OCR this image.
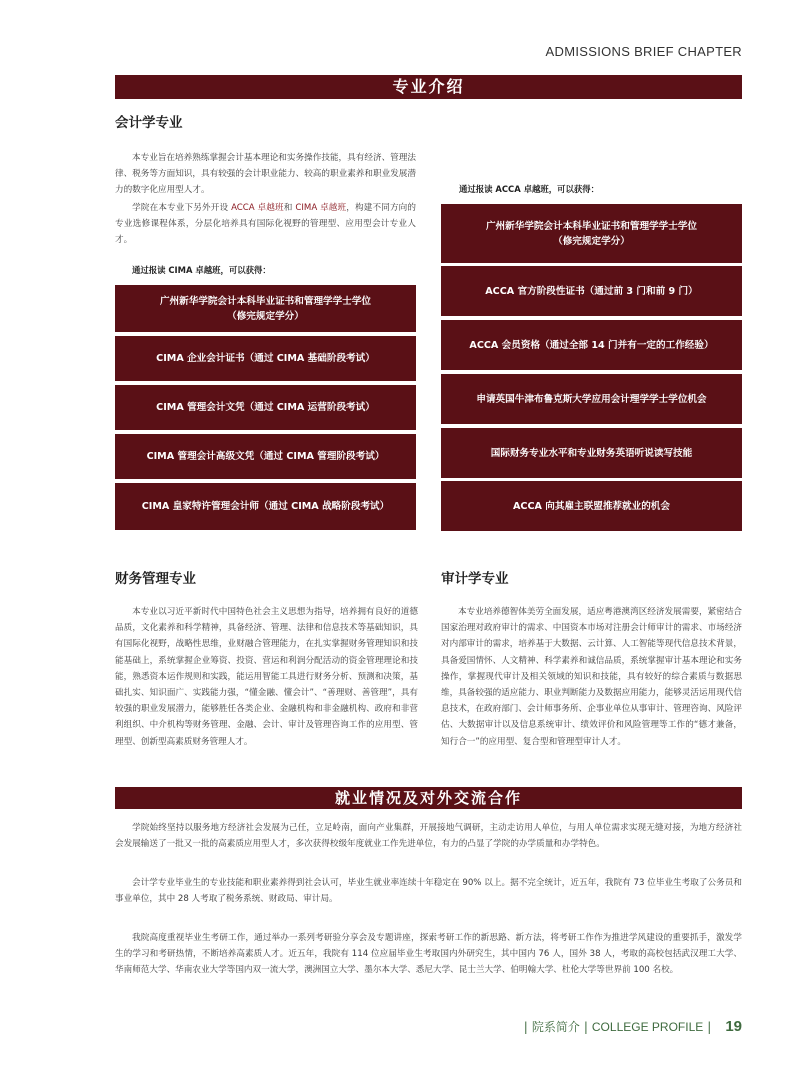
ADMISSIONS BRIEF CHAPTER
专业介绍
会计学专业

本专业旨在培养熟练掌握会计基本理论和实务操作技能，具有经济、管理法律、税务等方面知识，具有较强的会计职业能力、较高的职业素养和职业发展潜力的数字化应用型人才。

学院在本专业下另外开设 ACCA 卓越班和 CIMA 卓越班，构建不同方向的专业选修课程体系，分层化培养具有国际化视野的管理型、应用型会计专业人才。

通过报读 CIMA 卓越班，可以获得：
通过报读 ACCA 卓越班，可以获得：
广州新华学院会计本科毕业证书和管理学学士学位
（修完规定学分）
CIMA 企业会计证书（通过 CIMA 基础阶段考试）
CIMA 管理会计文凭（通过 CIMA 运营阶段考试）
CIMA 管理会计高级文凭（通过 CIMA 管理阶段考试）
CIMA 皇家特许管理会计师（通过 CIMA 战略阶段考试）
广州新华学院会计本科毕业证书和管理学学士学位
（修完规定学分）
ACCA 官方阶段性证书（通过前 3 门和前 9 门）
ACCA 会员资格（通过全部 14 门并有一定的工作经验）
申请英国牛津布鲁克斯大学应用会计理学学士学位机会
国际财务专业水平和专业财务英语听说读写技能
ACCA 向其雇主联盟推荐就业的机会
财务管理专业

本专业以习近平新时代中国特色社会主义思想为指导，培养拥有良好的道德品质，文化素养和科学精神，具备经济、管理、法律和信息技术等基础知识，具有国际化视野，战略性思维，业财融合管理能力，在扎实掌握财务管理知识和技能基础上，系统掌握企业筹资、投资、营运和利润分配活动的资金管理理论和技能，熟悉资本运作规则和实践，能运用智能工具进行财务分析、预测和决策，基础扎实、知识面广、实践能力强，“懂金融、懂会计”、“善理财、善管理”，具有较强的职业发展潜力，能够胜任各类企业、金融机构和非金融机构、政府和非营利组织、中介机构等财务管理、金融、会计、审计及管理咨询工作的应用型、管理型、创新型高素质财务管理人才。

审计学专业

本专业培养德智体美劳全面发展，适应粤港澳湾区经济发展需要，紧密结合国家治理对政府审计的需求、中国资本市场对注册会计师审计的需求、市场经济对内部审计的需求，培养基于大数据、云计算、人工智能等现代信息技术背景，具备爱国情怀、人文精神、科学素养和诚信品质，系统掌握审计基本理论和实务操作，掌握现代审计及相关领域的知识和技能，具有较好的综合素质与数据思维，具备较强的适应能力、职业判断能力及数据应用能力，能够灵活运用现代信息技术，在政府部门、会计师事务所、企事业单位从事审计、管理咨询、风险评估、大数据审计以及信息系统审计、绩效评价和风险管理等工作的“德才兼备，知行合一”的应用型、复合型和管理型审计人才。

就业情况及对外交流合作

学院始终坚持以服务地方经济社会发展为己任，立足岭南，面向产业集群，开展接地气调研，主动走访用人单位，与用人单位需求实现无缝对接，为地方经济社会发展输送了一批又一批的高素质应用型人才，多次获得校级年度就业工作先进单位，有力的凸显了学院的办学质量和办学特色。

会计学专业毕业生的专业技能和职业素养得到社会认可，毕业生就业率连续十年稳定在 90% 以上。据不完全统计，近五年，我院有 73 位毕业生考取了公务员和事业单位，其中 28 人考取了税务系统、财政局、审计局。

我院高度重视毕业生考研工作，通过举办一系列考研验分享会及专题讲座，探索考研工作的新思路、新方法，将考研工作作为推进学风建设的重要抓手，激发学生的学习和考研热情，不断培养高素质人才。近五年，我院有 114 位应届毕业生考取国内外研究生，其中国内 76 人，国外 38 人，考取的高校包括武汉理工大学、华南师范大学、华南农业大学等国内双一流大学，澳洲国立大学、墨尔本大学、悉尼大学、昆士兰大学、伯明翰大学、杜伦大学等世界前 100 名校。

| 院系简介 | COLLEGE PROFILE | 19
